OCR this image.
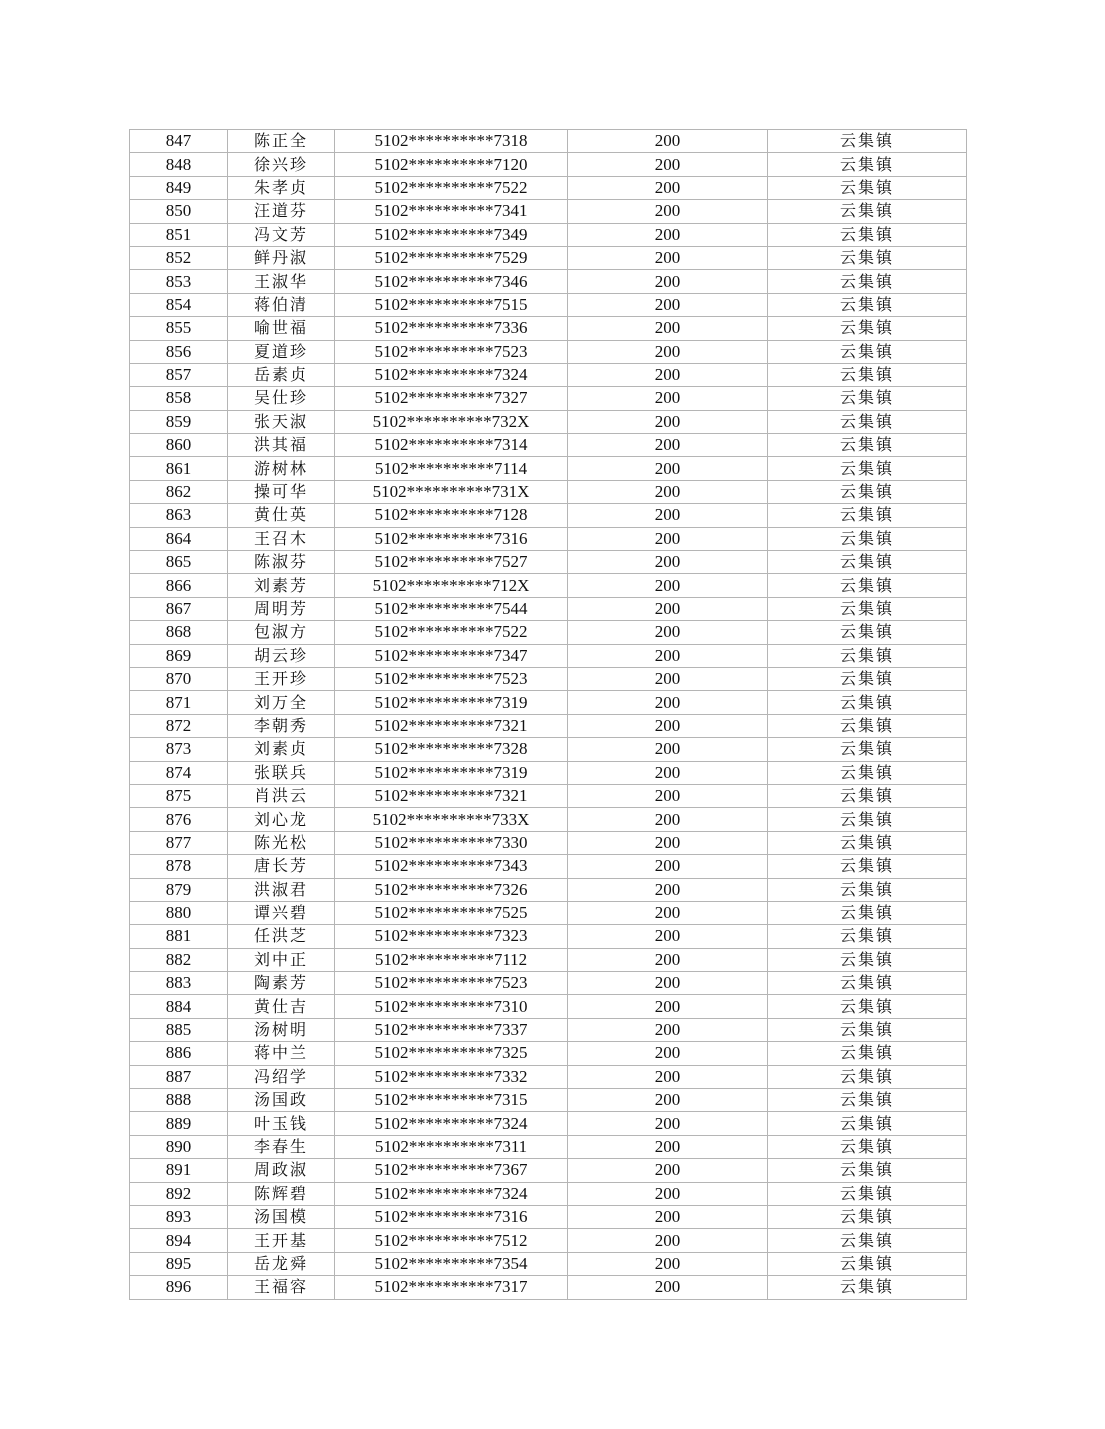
847	陈正全	5102**********7318	200	云集镇
848	徐兴珍	5102**********7120	200	云集镇
849	朱孝贞	5102**********7522	200	云集镇
850	汪道芬	5102**********7341	200	云集镇
851	冯文芳	5102**********7349	200	云集镇
852	鲜丹淑	5102**********7529	200	云集镇
853	王淑华	5102**********7346	200	云集镇
854	蒋伯清	5102**********7515	200	云集镇
855	喻世福	5102**********7336	200	云集镇
856	夏道珍	5102**********7523	200	云集镇
857	岳素贞	5102**********7324	200	云集镇
858	吴仕珍	5102**********7327	200	云集镇
859	张天淑	5102**********732X	200	云集镇
860	洪其福	5102**********7314	200	云集镇
861	游树林	5102**********7114	200	云集镇
862	操可华	5102**********731X	200	云集镇
863	黄仕英	5102**********7128	200	云集镇
864	王召木	5102**********7316	200	云集镇
865	陈淑芬	5102**********7527	200	云集镇
866	刘素芳	5102**********712X	200	云集镇
867	周明芳	5102**********7544	200	云集镇
868	包淑方	5102**********7522	200	云集镇
869	胡云珍	5102**********7347	200	云集镇
870	王开珍	5102**********7523	200	云集镇
871	刘万全	5102**********7319	200	云集镇
872	李朝秀	5102**********7321	200	云集镇
873	刘素贞	5102**********7328	200	云集镇
874	张联兵	5102**********7319	200	云集镇
875	肖洪云	5102**********7321	200	云集镇
876	刘心龙	5102**********733X	200	云集镇
877	陈光松	5102**********7330	200	云集镇
878	唐长芳	5102**********7343	200	云集镇
879	洪淑君	5102**********7326	200	云集镇
880	谭兴碧	5102**********7525	200	云集镇
881	任洪芝	5102**********7323	200	云集镇
882	刘中正	5102**********7112	200	云集镇
883	陶素芳	5102**********7523	200	云集镇
884	黄仕吉	5102**********7310	200	云集镇
885	汤树明	5102**********7337	200	云集镇
886	蒋中兰	5102**********7325	200	云集镇
887	冯绍学	5102**********7332	200	云集镇
888	汤国政	5102**********7315	200	云集镇
889	叶玉钱	5102**********7324	200	云集镇
890	李春生	5102**********7311	200	云集镇
891	周政淑	5102**********7367	200	云集镇
892	陈辉碧	5102**********7324	200	云集镇
893	汤国模	5102**********7316	200	云集镇
894	王开基	5102**********7512	200	云集镇
895	岳龙舜	5102**********7354	200	云集镇
896	王福容	5102**********7317	200	云集镇
